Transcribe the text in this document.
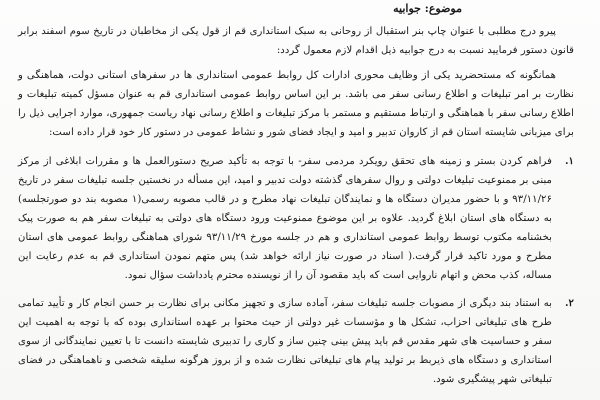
موضوع: جوابیه

پیرو درج مطلبی با عنوان چاپ بنر استقبال از روحانی به سبک استانداری قم از قول یکی از مخاطبان در تاریخ سوم اسفند برابر قانون دستور فرمایید نسبت به درج جوابیه ذیل اقدام لازم معمول گردد:

همانگونه که مستحضرید یکی از وظایف محوری ادارات کل روابط عمومی استانداری ها در سفرهای استانی دولت، هماهنگی و نظارت بر امر تبلیغات و اطلاع رسانی سفر می باشد. بر این اساس روابط عمومی استانداری قم به عنوان مسؤل کمیته تبلیغات و اطلاع رسانی سفر با هماهنگی و ارتباط مستقیم و مستمر با مرکز تبلیغات و اطلاع رسانی نهاد ریاست جمهوری، موارد اجرایی ذیل را برای میزبانی شایسته استان قم از کاروان تدبیر و امید و ایجاد فضای شور و نشاط عمومی در دستور کار خود قرار داده است:

۱.
فراهم کردن بستر و زمینه های تحقق رویکرد مردمی سفر- با توجه به تأکید صریح دستورالعمل ها و مقررات ابلاغی از مرکز مبنی بر ممنوعیت تبلیغات دولتی و روال سفرهای گذشته دولت تدبیر و امید، این مسأله در نخستین جلسه تبلیغات سفر در تاریخ ۹۳/۱۱/۲۶ و با حضور مدیران دستگاه ها و نمایندگان تبلیغات نهاد مطرح و در قالب مصوبه رسمی(۱ مصوبه بند دو صورتجلسه) به دستگاه های استان ابلاغ گردید. علاوه بر این موضوع ممنوعیت ورود دستگاه های دولتی به تبلیغات سفر هم به صورت پیک بخشنامه مکتوب توسط روابط عمومی استانداری و هم در جلسه مورخ ۹۳/۱۱/۲۹ شورای هماهنگی روابط عمومی های استان مطرح و مورد تاکید قرار گرفت.( اسناد در صورت نیاز ارائه خواهد شد) پس متهم نمودن استانداری قم به عدم رعایت این مساله، کذب محض و اتهام ناروایی است که باید مقصود آن را از نویسنده محترم یادداشت سؤال نمود.
۲.
به استناد بند دیگری از مصوبات جلسه تبلیغات سفر، آماده سازی و تجهیز مکانی برای نظارت بر حسن انجام کار و تأیید تمامی طرح های تبلیغاتی احزاب، تشکل ها و مؤسسات غیر دولتی از حیث محتوا بر عهده استانداری بوده که با توجه به اهمیت این سفر و حساسیت های شهر مقدس قم باید پیش بینی چنین ساز و کاری را تدبیری شایسته دانست تا با تعیین نمایندگانی از سوی استانداری و دستگاه های ذیربط بر تولید پیام های تبلیغاتی نظارت شده و از بروز هرگونه سلیقه شخصی و ناهماهنگی در فضای تبلیغاتی شهر پیشگیری شود.
